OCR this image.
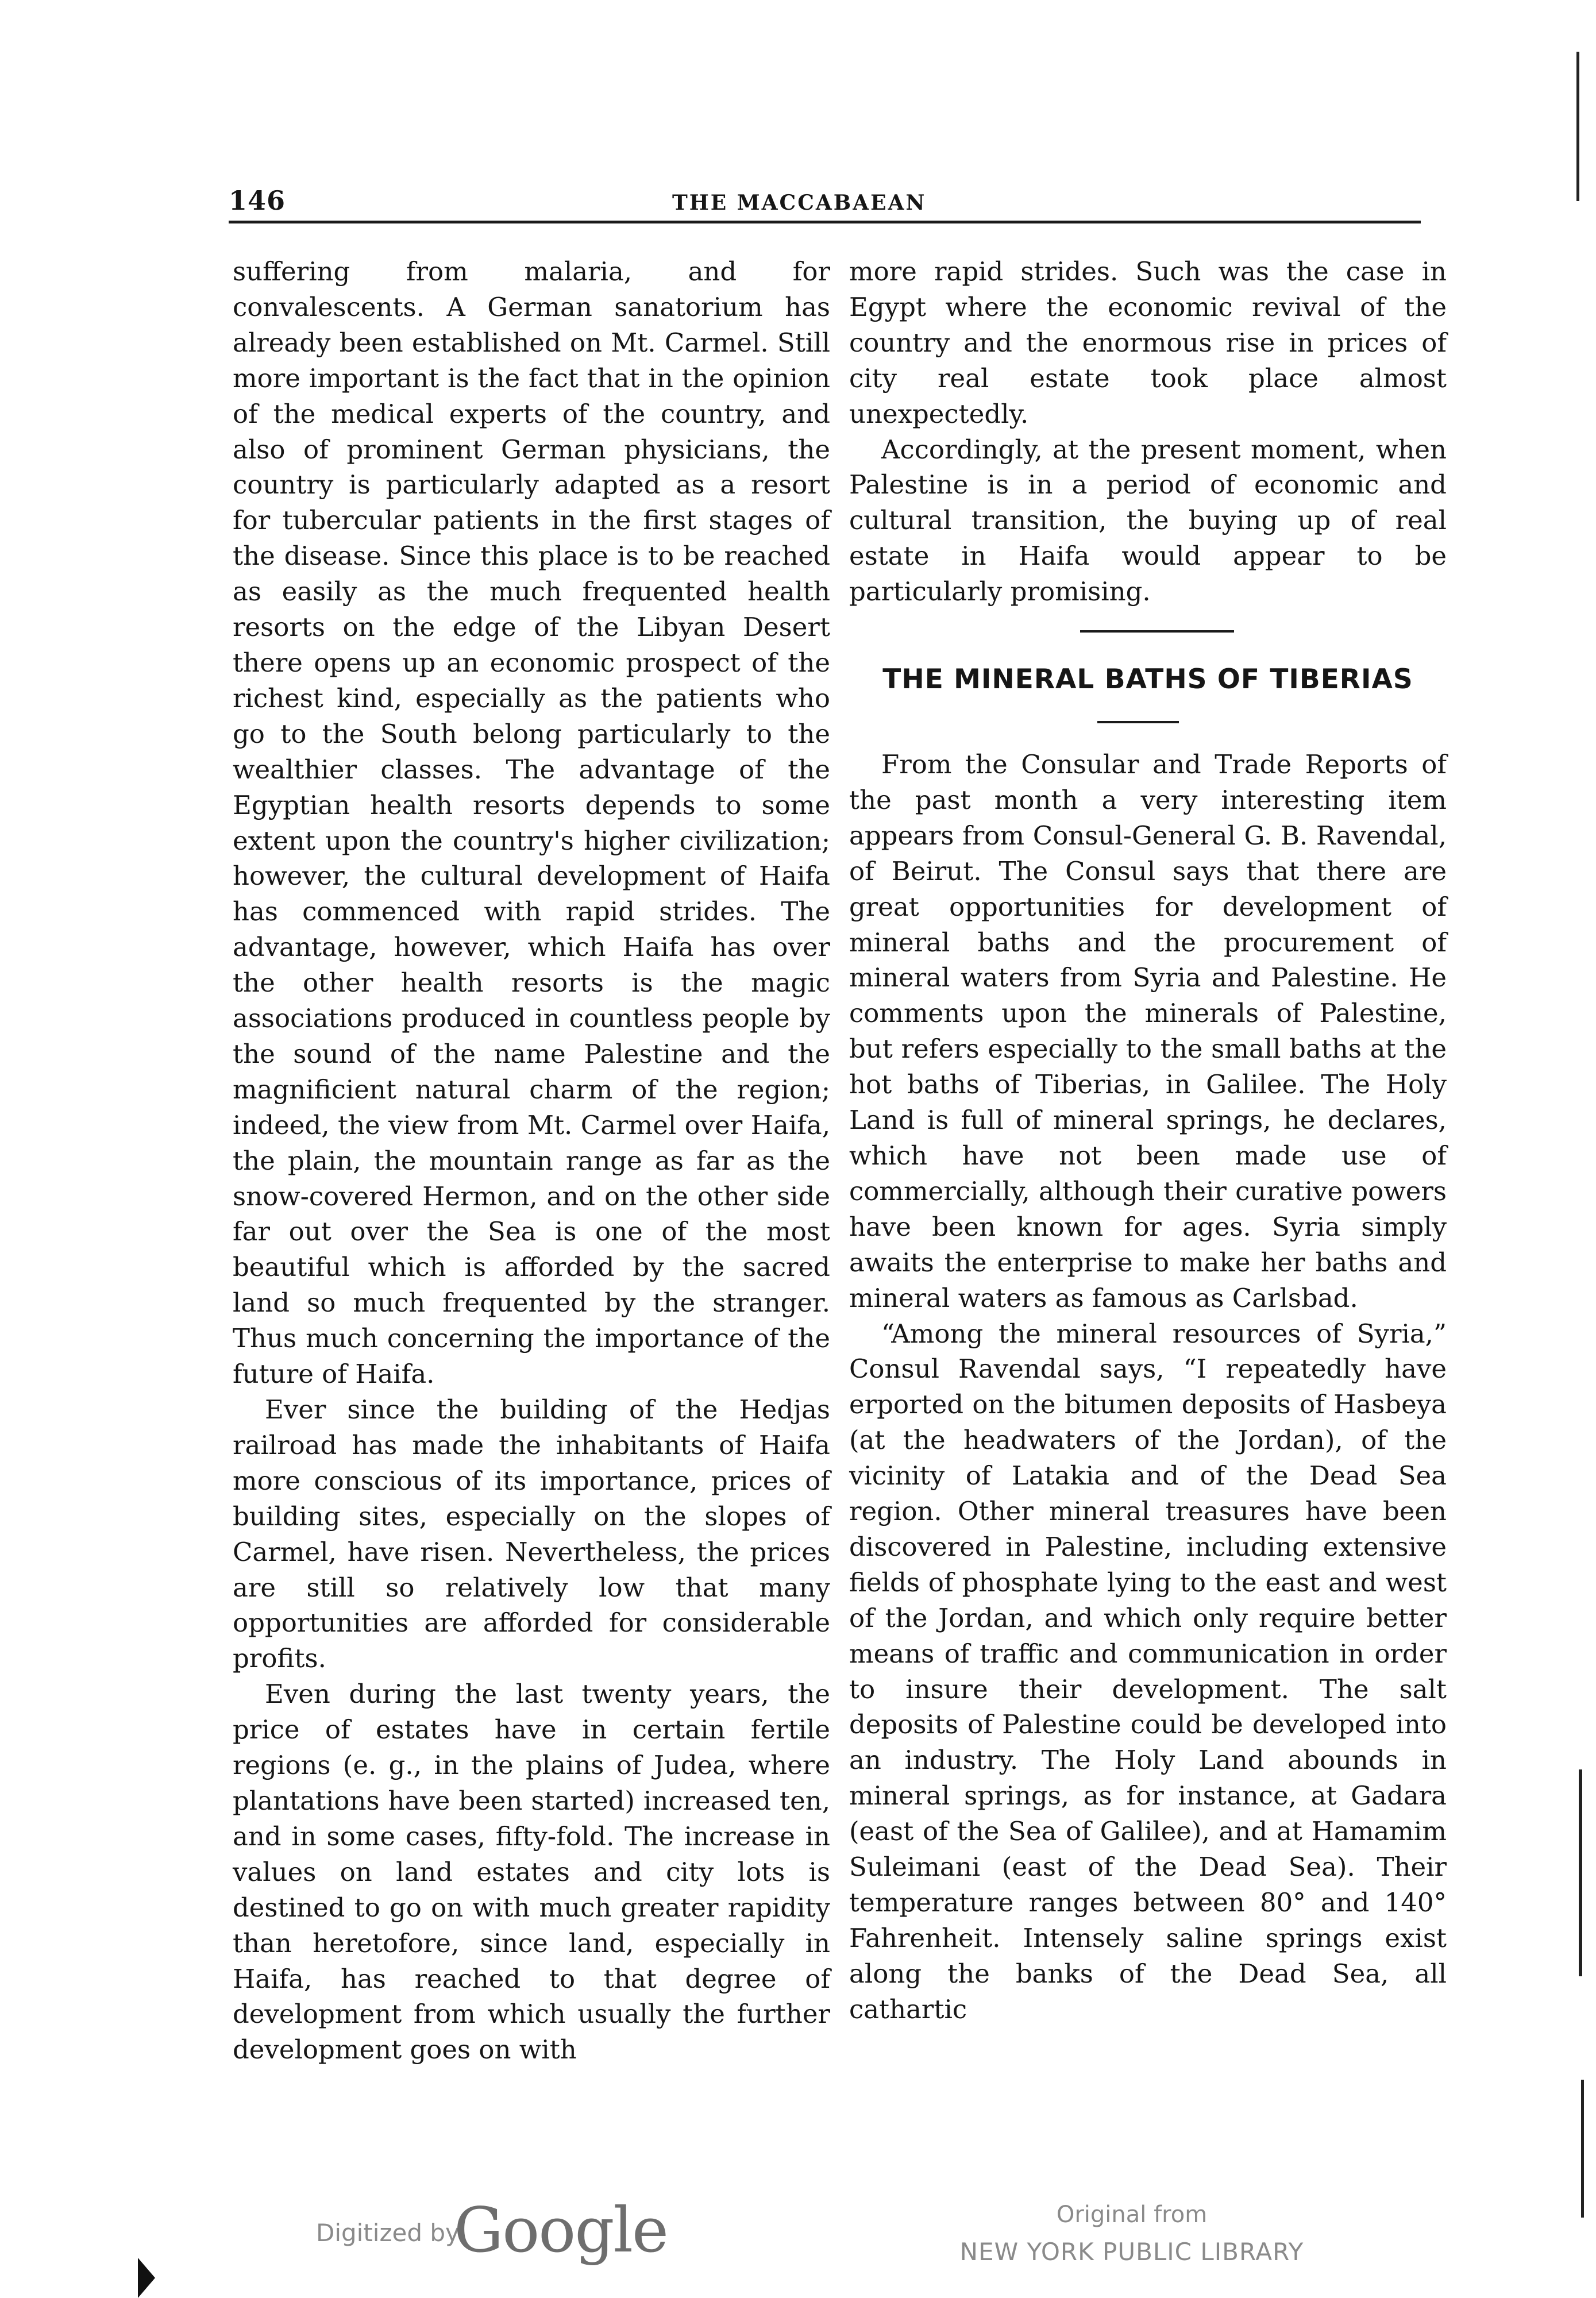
146	THE MACCABAEAN

suffering from malaria, and for convalescents. A German sanatorium has already been established on Mt. Carmel. Still more important is the fact that in the opinion of the medical experts of the country, and also of prominent German physicians, the country is particularly adapted as a resort for tubercular patients in the first stages of the disease. Since this place is to be reached as easily as the much frequented health resorts on the edge of the Libyan Desert there opens up an economic prospect of the richest kind, especially as the patients who go to the South belong particularly to the wealthier classes. The advantage of the Egyptian health resorts depends to some extent upon the country's higher civilization; however, the cultural development of Haifa has commenced with rapid strides. The advantage, however, which Haifa has over the other health resorts is the magic associations produced in countless people by the sound of the name Palestine and the magnificient natural charm of the region; indeed, the view from Mt. Carmel over Haifa, the plain, the mountain range as far as the snow-covered Hermon, and on the other side far out over the Sea is one of the most beautiful which is afforded by the sacred land so much frequented by the stranger. Thus much concerning the importance of the future of Haifa.

Ever since the building of the Hedjas railroad has made the inhabitants of Haifa more conscious of its importance, prices of building sites, especially on the slopes of Carmel, have risen. Nevertheless, the prices are still so relatively low that many opportunities are afforded for considerable profits.

Even during the last twenty years, the price of estates have in certain fertile regions (e. g., in the plains of Judea, where plantations have been started) increased ten, and in some cases, fifty-fold. The increase in values on land estates and city lots is destined to go on with much greater rapidity than heretofore, since land, especially in Haifa, has reached to that degree of development from which usually the further development goes on with

more rapid strides. Such was the case in Egypt where the economic revival of the country and the enormous rise in prices of city real estate took place almost unexpectedly.

Accordingly, at the present moment, when Palestine is in a period of economic and cultural transition, the buying up of real estate in Haifa would appear to be particularly promising.

THE MINERAL BATHS OF TIBERIAS

From the Consular and Trade Reports of the past month a very interesting item appears from Consul-General G. B. Ravendal, of Beirut. The Consul says that there are great opportunities for development of mineral baths and the procurement of mineral waters from Syria and Palestine. He comments upon the minerals of Palestine, but refers especially to the small baths at the hot baths of Tiberias, in Galilee. The Holy Land is full of mineral springs, he declares, which have not been made use of commercially, although their curative powers have been known for ages. Syria simply awaits the enterprise to make her baths and mineral waters as famous as Carlsbad.

“Among the mineral resources of Syria,” Consul Ravendal says, “I repeatedly have erported on the bitumen deposits of Hasbeya (at the headwaters of the Jordan), of the vicinity of Latakia and of the Dead Sea region. Other mineral treasures have been discovered in Palestine, including extensive fields of phosphate lying to the east and west of the Jordan, and which only require better means of traffic and communication in order to insure their development. The salt deposits of Palestine could be developed into an industry. The Holy Land abounds in mineral springs, as for instance, at Gadara (east of the Sea of Galilee), and at Hamamim Suleimani (east of the Dead Sea). Their temperature ranges between 80° and 140° Fahrenheit. Intensely saline springs exist along the banks of the Dead Sea, all cathartic

Digitized by
Google	Original from
NEW YORK PUBLIC LIBRARY
